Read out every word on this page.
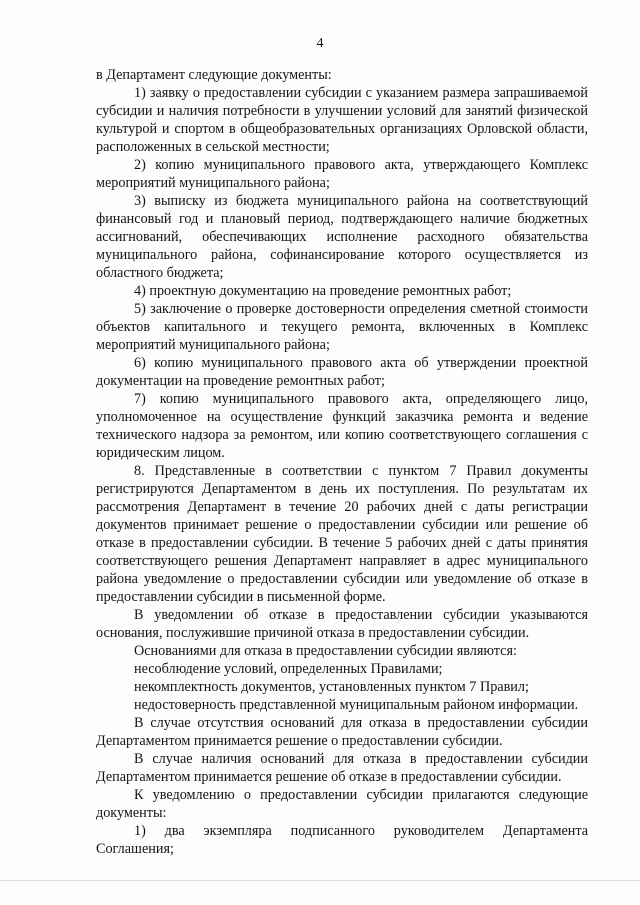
4

в Департамент следующие документы:

1) заявку о предоставлении субсидии с указанием размера запрашиваемой субсидии и наличия потребности в улучшении условий для занятий физической культурой и спортом в общеобразовательных организациях Орловской области, расположенных в сельской местности;

2) копию муниципального правового акта, утверждающего Комплекс мероприятий муниципального района;

3) выписку из бюджета муниципального района на соответствующий финансовый год и плановый период, подтверждающего наличие бюджетных ассигнований, обеспечивающих исполнение расходного обязательства муниципального района, софинансирование которого осуществляется из областного бюджета;

4) проектную документацию на проведение ремонтных работ;

5) заключение о проверке достоверности определения сметной стоимости объектов капитального и текущего ремонта, включенных в Комплекс мероприятий муниципального района;

6) копию муниципального правового акта об утверждении проектной документации на проведение ремонтных работ;

7) копию муниципального правового акта, определяющего лицо, уполномоченное на осуществление функций заказчика ремонта и ведение технического надзора за ремонтом, или копию соответствующего соглашения с юридическим лицом.

8. Представленные в соответствии с пунктом 7 Правил документы регистрируются Департаментом в день их поступления. По результатам их рассмотрения Департамент в течение 20 рабочих дней с даты регистрации документов принимает решение о предоставлении субсидии или решение об отказе в предоставлении субсидии. В течение 5 рабочих дней с даты принятия соответствующего решения Департамент направляет в адрес муниципального района уведомление о предоставлении субсидии или уведомление об отказе в предоставлении субсидии в письменной форме.

В уведомлении об отказе в предоставлении субсидии указываются основания, послужившие причиной отказа в предоставлении субсидии.

Основаниями для отказа в предоставлении субсидии являются:

несоблюдение условий, определенных Правилами;

некомплектность документов, установленных пунктом 7 Правил;

недостоверность представленной муниципальным районом информации.

В случае отсутствия оснований для отказа в предоставлении субсидии Департаментом принимается решение о предоставлении субсидии.

В случае наличия оснований для отказа в предоставлении субсидии Департаментом принимается решение об отказе в предоставлении субсидии.

К уведомлению о предоставлении субсидии прилагаются следующие документы:

1) два экземпляра подписанного руководителем Департамента Соглашения;
